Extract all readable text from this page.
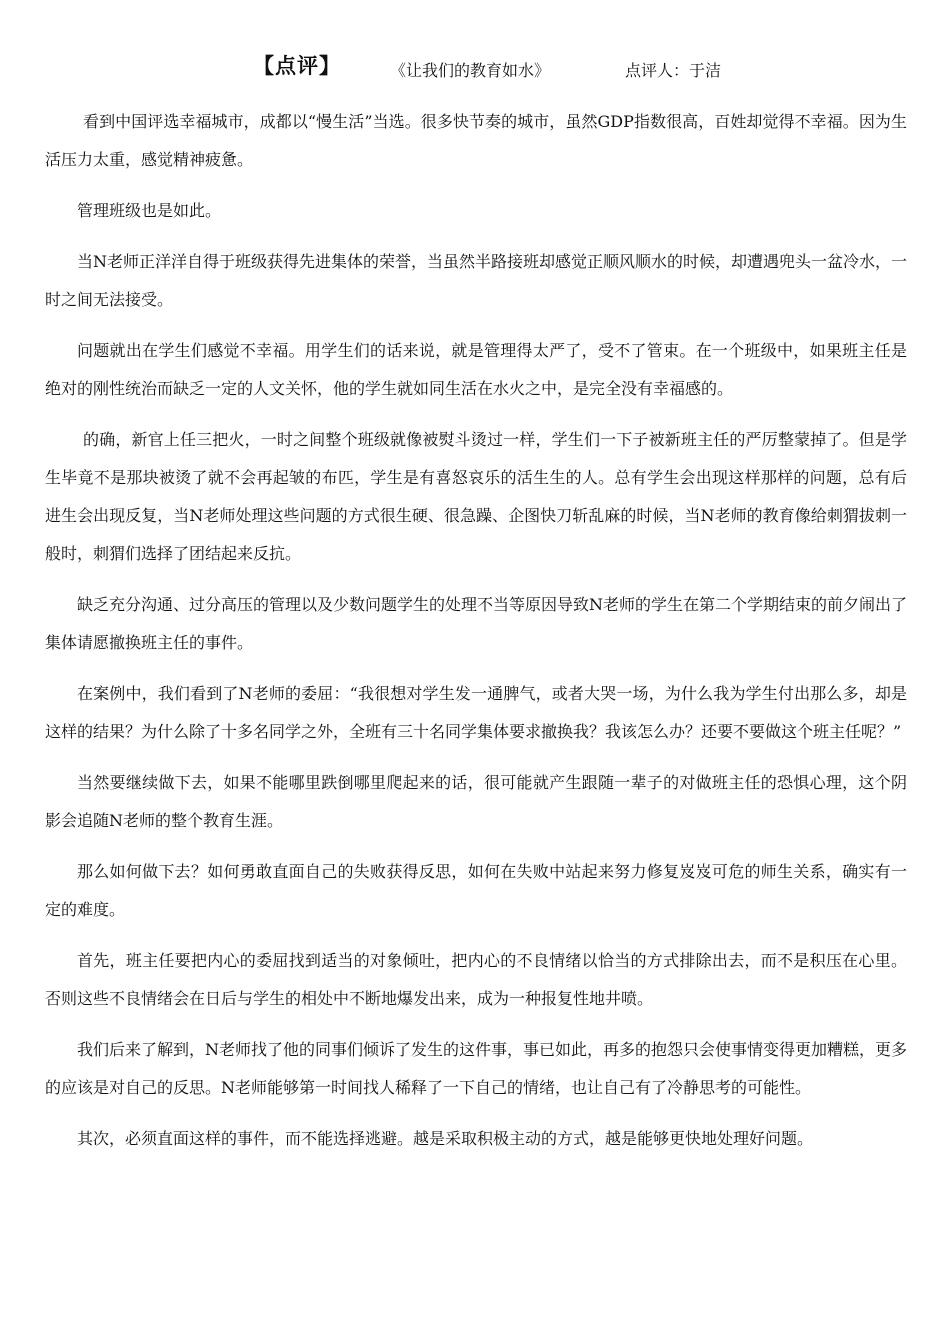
【点评】	《让我们的教育如水》	点评人：于洁

看到中国评选幸福城市，成都以“慢生活”当选。很多快节奏的城市，虽然GDP指数很高，百姓却觉得不幸福。因为生活压力太重，感觉精神疲惫。

管理班级也是如此。

当N老师正洋洋自得于班级获得先进集体的荣誉，当虽然半路接班却感觉正顺风顺水的时候，却遭遇兜头一盆冷水，一时之间无法接受。

问题就出在学生们感觉不幸福。用学生们的话来说，就是管理得太严了，受不了管束。在一个班级中，如果班主任是绝对的刚性统治而缺乏一定的人文关怀，他的学生就如同生活在水火之中，是完全没有幸福感的。

的确，新官上任三把火，一时之间整个班级就像被熨斗烫过一样，学生们一下子被新班主任的严厉整蒙掉了。但是学生毕竟不是那块被烫了就不会再起皱的布匹，学生是有喜怒哀乐的活生生的人。总有学生会出现这样那样的问题，总有后进生会出现反复，当N老师处理这些问题的方式很生硬、很急躁、企图快刀斩乱麻的时候，当N老师的教育像给刺猬拔刺一般时，刺猬们选择了团结起来反抗。

缺乏充分沟通、过分高压的管理以及少数问题学生的处理不当等原因导致N老师的学生在第二个学期结束的前夕闹出了集体请愿撤换班主任的事件。

在案例中，我们看到了N老师的委屈：“我很想对学生发一通脾气，或者大哭一场，为什么我为学生付出那么多，却是这样的结果？为什么除了十多名同学之外，全班有三十名同学集体要求撤换我？我该怎么办？还要不要做这个班主任呢？”

当然要继续做下去，如果不能哪里跌倒哪里爬起来的话，很可能就产生跟随一辈子的对做班主任的恐惧心理，这个阴影会追随N老师的整个教育生涯。

那么如何做下去？如何勇敢直面自己的失败获得反思，如何在失败中站起来努力修复岌岌可危的师生关系，确实有一定的难度。

首先，班主任要把内心的委屈找到适当的对象倾吐，把内心的不良情绪以恰当的方式排除出去，而不是积压在心里。否则这些不良情绪会在日后与学生的相处中不断地爆发出来，成为一种报复性地井喷。

我们后来了解到，N老师找了他的同事们倾诉了发生的这件事，事已如此，再多的抱怨只会使事情变得更加糟糕，更多的应该是对自己的反思。N老师能够第一时间找人稀释了一下自己的情绪，也让自己有了冷静思考的可能性。

其次，必须直面这样的事件，而不能选择逃避。越是采取积极主动的方式，越是能够更快地处理好问题。
